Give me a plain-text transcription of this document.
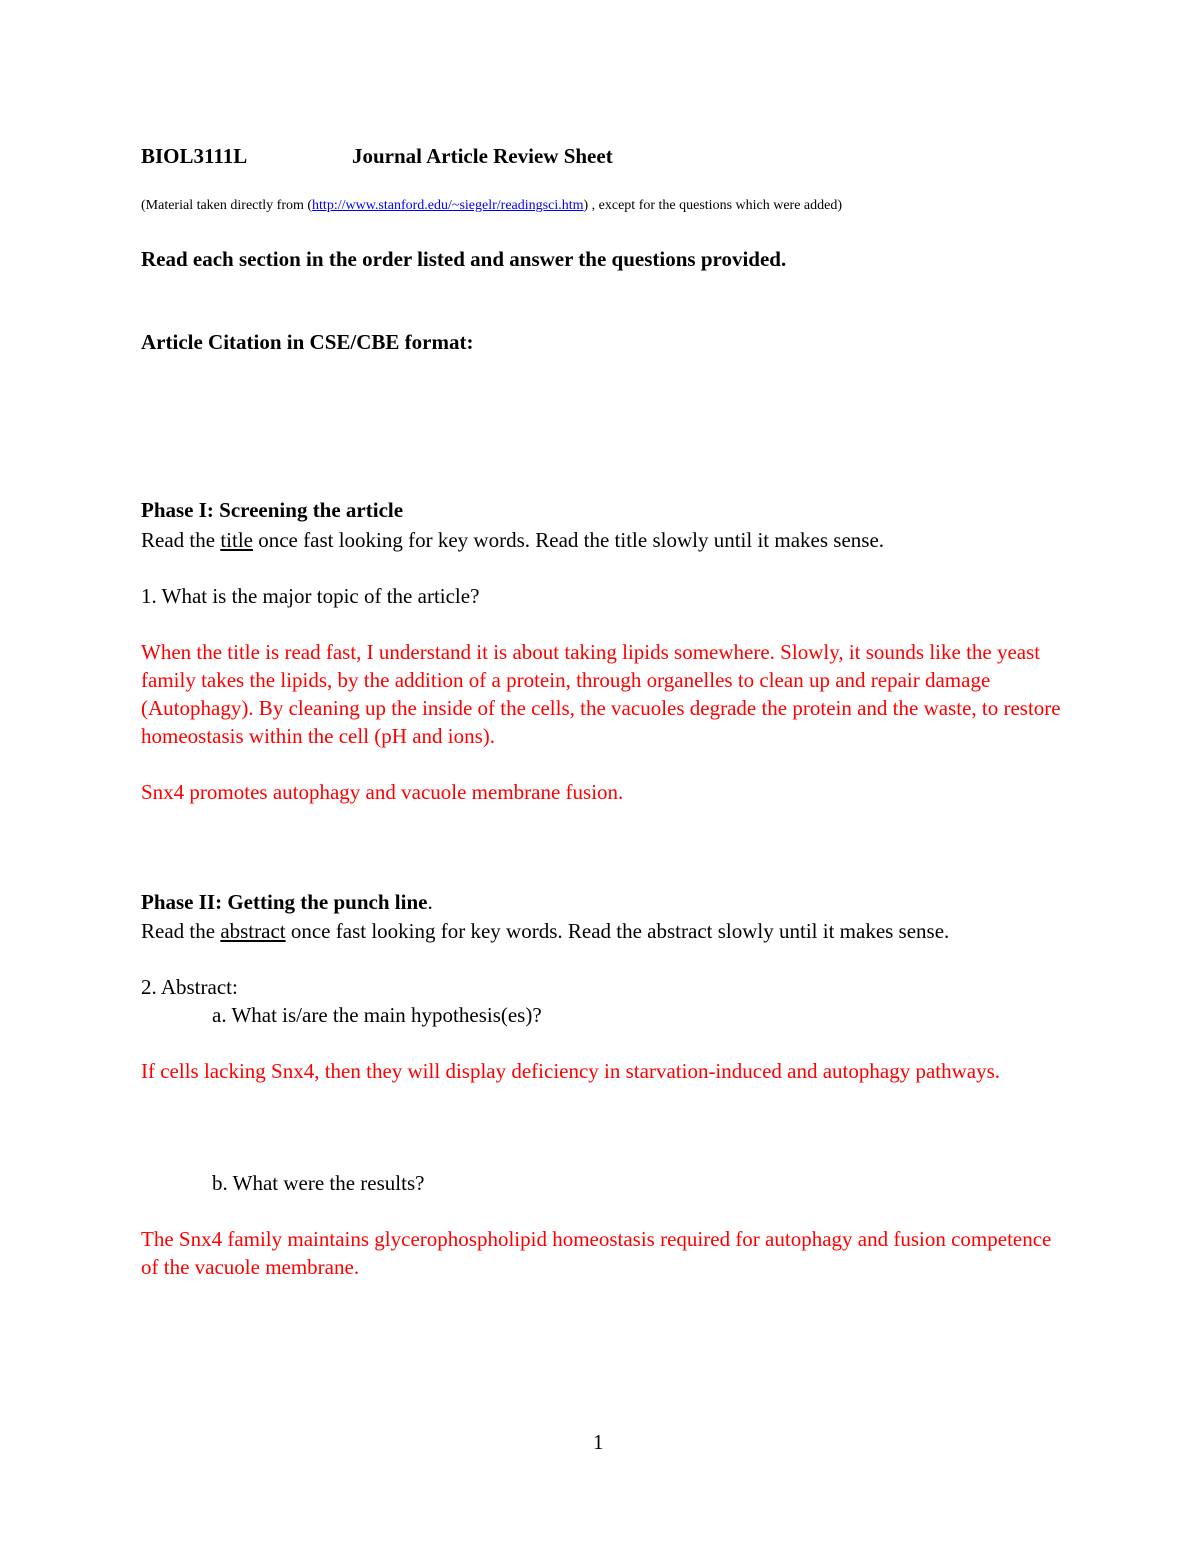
BIOL3111L	Journal Article Review Sheet
(Material taken directly from (http://www.stanford.edu/~siegelr/readingsci.htm) , except for the questions which were added)
Read each section in the order listed and answer the questions provided.
Article Citation in CSE/CBE format:
Phase I: Screening the article
Read the title once fast looking for key words. Read the title slowly until it makes sense.
1. What is the major topic of the article?
When the title is read fast, I understand it is about taking lipids somewhere. Slowly, it sounds like the yeast family takes the lipids, by the addition of a protein, through organelles to clean up and repair damage (Autophagy). By cleaning up the inside of the cells, the vacuoles degrade the protein and the waste, to restore homeostasis within the cell (pH and ions).
Snx4 promotes autophagy and vacuole membrane fusion.
Phase II: Getting the punch line.
Read the abstract once fast looking for key words. Read the abstract slowly until it makes sense.
2. Abstract:
a. What is/are the main hypothesis(es)?
If cells lacking Snx4, then they will display deficiency in starvation-induced and autophagy pathways.
b. What were the results?
The Snx4 family maintains glycerophospholipid homeostasis required for autophagy and fusion competence of the vacuole membrane.
1
